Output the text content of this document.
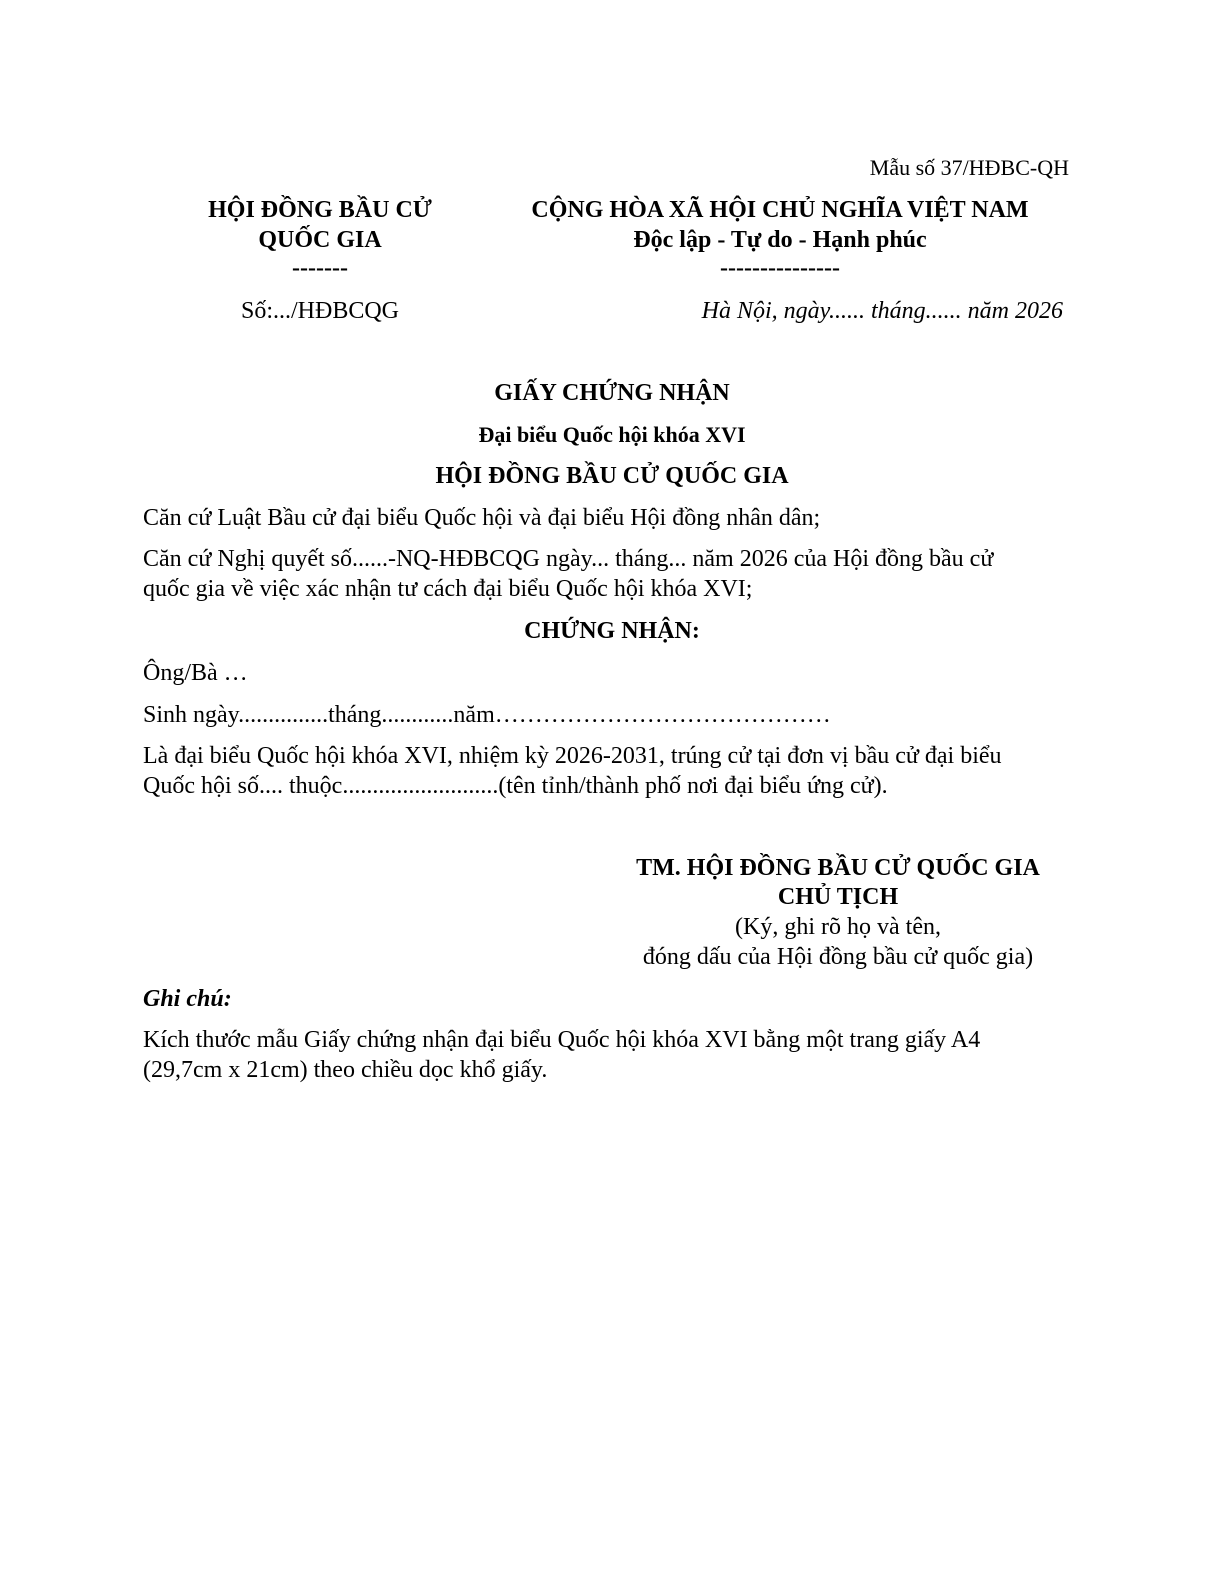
Mẫu số 37/HĐBC-QH
HỘI ĐỒNG BẦU CỬ
QUỐC GIA
-------
Số:.../HĐBCQG
CỘNG HÒA XÃ HỘI CHỦ NGHĨA VIỆT NAM
Độc lập - Tự do - Hạnh phúc
---------------
Hà Nội, ngày...... tháng...... năm 2026
GIẤY CHỨNG NHẬN
Đại biểu Quốc hội khóa XVI
HỘI ĐỒNG BẦU CỬ QUỐC GIA
Căn cứ Luật Bầu cử đại biểu Quốc hội và đại biểu Hội đồng nhân dân;
Căn cứ Nghị quyết số......-NQ-HĐBCQG ngày... tháng... năm 2026 của Hội đồng bầu cử
quốc gia về việc xác nhận tư cách đại biểu Quốc hội khóa XVI;
CHỨNG NHẬN:
Ông/Bà …
Sinh ngày...............tháng............năm……………………………………
Là đại biểu Quốc hội khóa XVI, nhiệm kỳ 2026-2031, trúng cử tại đơn vị bầu cử đại biểu
Quốc hội số.... thuộc..........................(tên tỉnh/thành phố nơi đại biểu ứng cử).
TM. HỘI ĐỒNG BẦU CỬ QUỐC GIA
CHỦ TỊCH
(Ký, ghi rõ họ và tên,
đóng dấu của Hội đồng bầu cử quốc gia)
Ghi chú:
Kích thước mẫu Giấy chứng nhận đại biểu Quốc hội khóa XVI bằng một trang giấy A4
(29,7cm x 21cm) theo chiều dọc khổ giấy.
